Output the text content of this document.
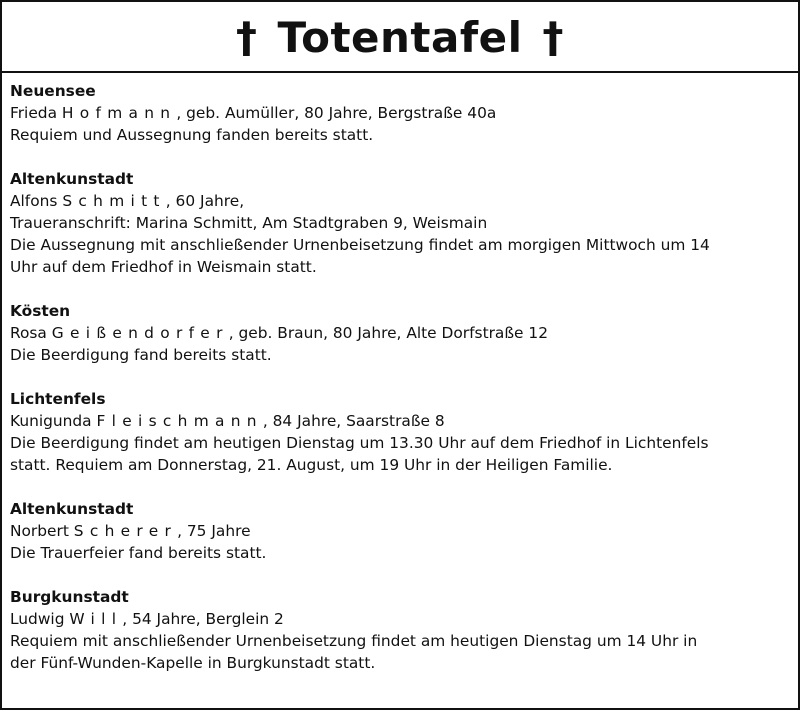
† Totentafel †
Neuensee
Frieda Hofmann, geb. Aumüller, 80 Jahre, Bergstraße 40a
Requiem und Aussegnung fanden bereits statt.
Altenkunstadt
Alfons Schmitt, 60 Jahre,
Traueranschrift: Marina Schmitt, Am Stadtgraben 9, Weismain
Die Aussegnung mit anschließender Urnenbeisetzung findet am morgigen Mittwoch um 14
Uhr auf dem Friedhof in Weismain statt.
Kösten
Rosa Geißendorfer, geb. Braun, 80 Jahre, Alte Dorfstraße 12
Die Beerdigung fand bereits statt.
Lichtenfels
Kunigunda Fleischmann, 84 Jahre, Saarstraße 8
Die Beerdigung findet am heutigen Dienstag um 13.30 Uhr auf dem Friedhof in Lichtenfels
statt. Requiem am Donnerstag, 21. August, um 19 Uhr in der Heiligen Familie.
Altenkunstadt
Norbert Scherer, 75 Jahre
Die Trauerfeier fand bereits statt.
Burgkunstadt
Ludwig Will, 54 Jahre, Berglein 2
Requiem mit anschließender Urnenbeisetzung findet am heutigen Dienstag um 14 Uhr in
der Fünf-Wunden-Kapelle in Burgkunstadt statt.
